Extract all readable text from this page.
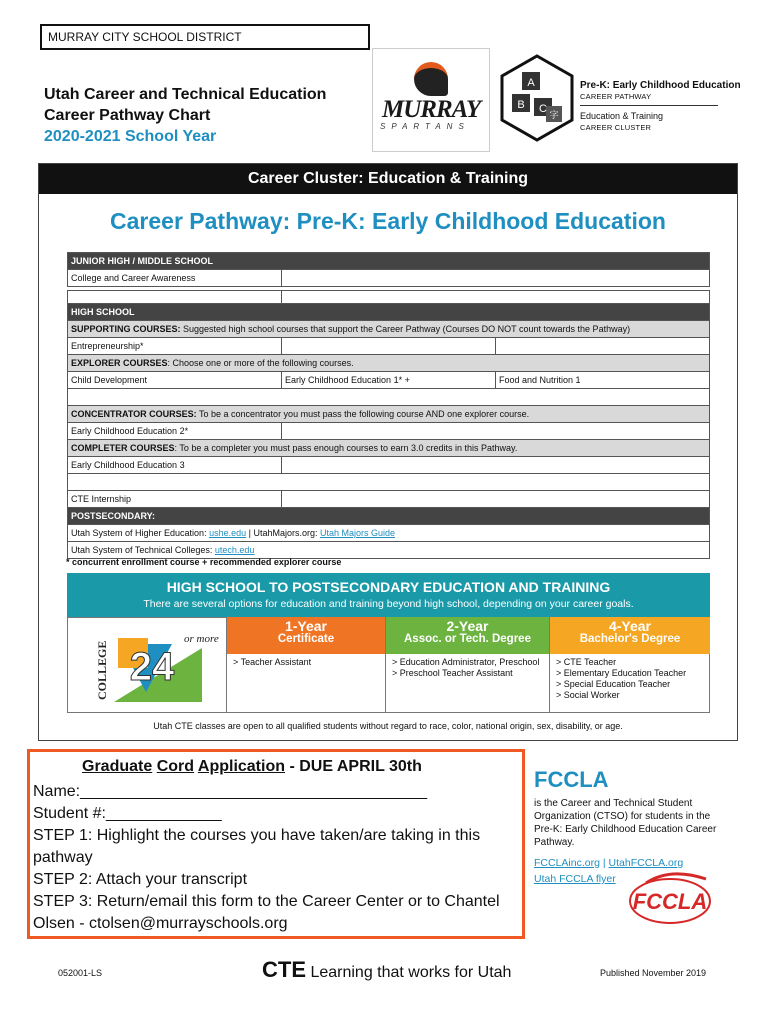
MURRAY CITY SCHOOL DISTRICT
Utah Career and Technical Education
Career Pathway Chart
2020-2021 School Year
MURRAY
SPARTANS
A
B C
字
Pre-K: Early Childhood Education
CAREER PATHWAY
Education & Training
CAREER CLUSTER
Career Cluster: Education & Training
Career Pathway: Pre-K: Early Childhood Education
JUNIOR HIGH / MIDDLE SCHOOL	
College and Career Awareness	

HIGH SCHOOL		
SUPPORTING COURSES: Suggested high school courses that support the Career Pathway (Courses DO NOT count towards the Pathway)		
Entrepreneurship*		
EXPLORER COURSES: Choose one or more of the following courses.		
Child Development	Early Childhood Education 1* +	Food and Nutrition 1

CONCENTRATOR COURSES: To be a concentrator you must pass the following course AND one explorer course.		
Early Childhood Education 2*		
COMPLETER COURSES: To be a completer you must pass enough courses to earn 3.0 credits in this Pathway.		
Early Childhood Education 3		

CTE Internship		
POSTSECONDARY:		
Utah System of Higher Education: ushe.edu | UtahMajors.org: Utah Majors Guide		
Utah System of Technical Colleges: utech.edu		
* concurrent enrollment course + recommended explorer course
HIGH SCHOOL TO POSTSECONDARY EDUCATION AND TRAINING

There are several options for education and training beyond high school, depending on your career goals.

24
or more
COLLEGE
1-Year
Certificate
> Teacher Assistant
2-Year
Assoc. or Tech. Degree
> Education Administrator, Preschool
> Preschool Teacher Assistant
4-Year
Bachelor's Degree
> CTE Teacher
> Elementary Education Teacher
> Special Education Teacher
> Social Worker
Utah CTE classes are open to all qualified students without regard to race, color, national origin, sex, disability, or age.
Graduate Cord Application - DUE APRIL 30th
Name:_______________________________________
Student #:_____________
STEP 1: Highlight the courses you have taken/are taking in this pathway
STEP 2: Attach your transcript
STEP 3: Return/email this form to the Career Center or to Chantel Olsen - ctolsen@murrayschools.org
FCCLA
is the Career and Technical Student Organization (CTSO) for students in the Pre-K: Early Childhood Education Career Pathway.
FCCLAinc.org | UtahFCCLA.org
Utah FCCLA flyer
FCCLA
052001-LS	CTE Learning that works for Utah	Published November 2019
